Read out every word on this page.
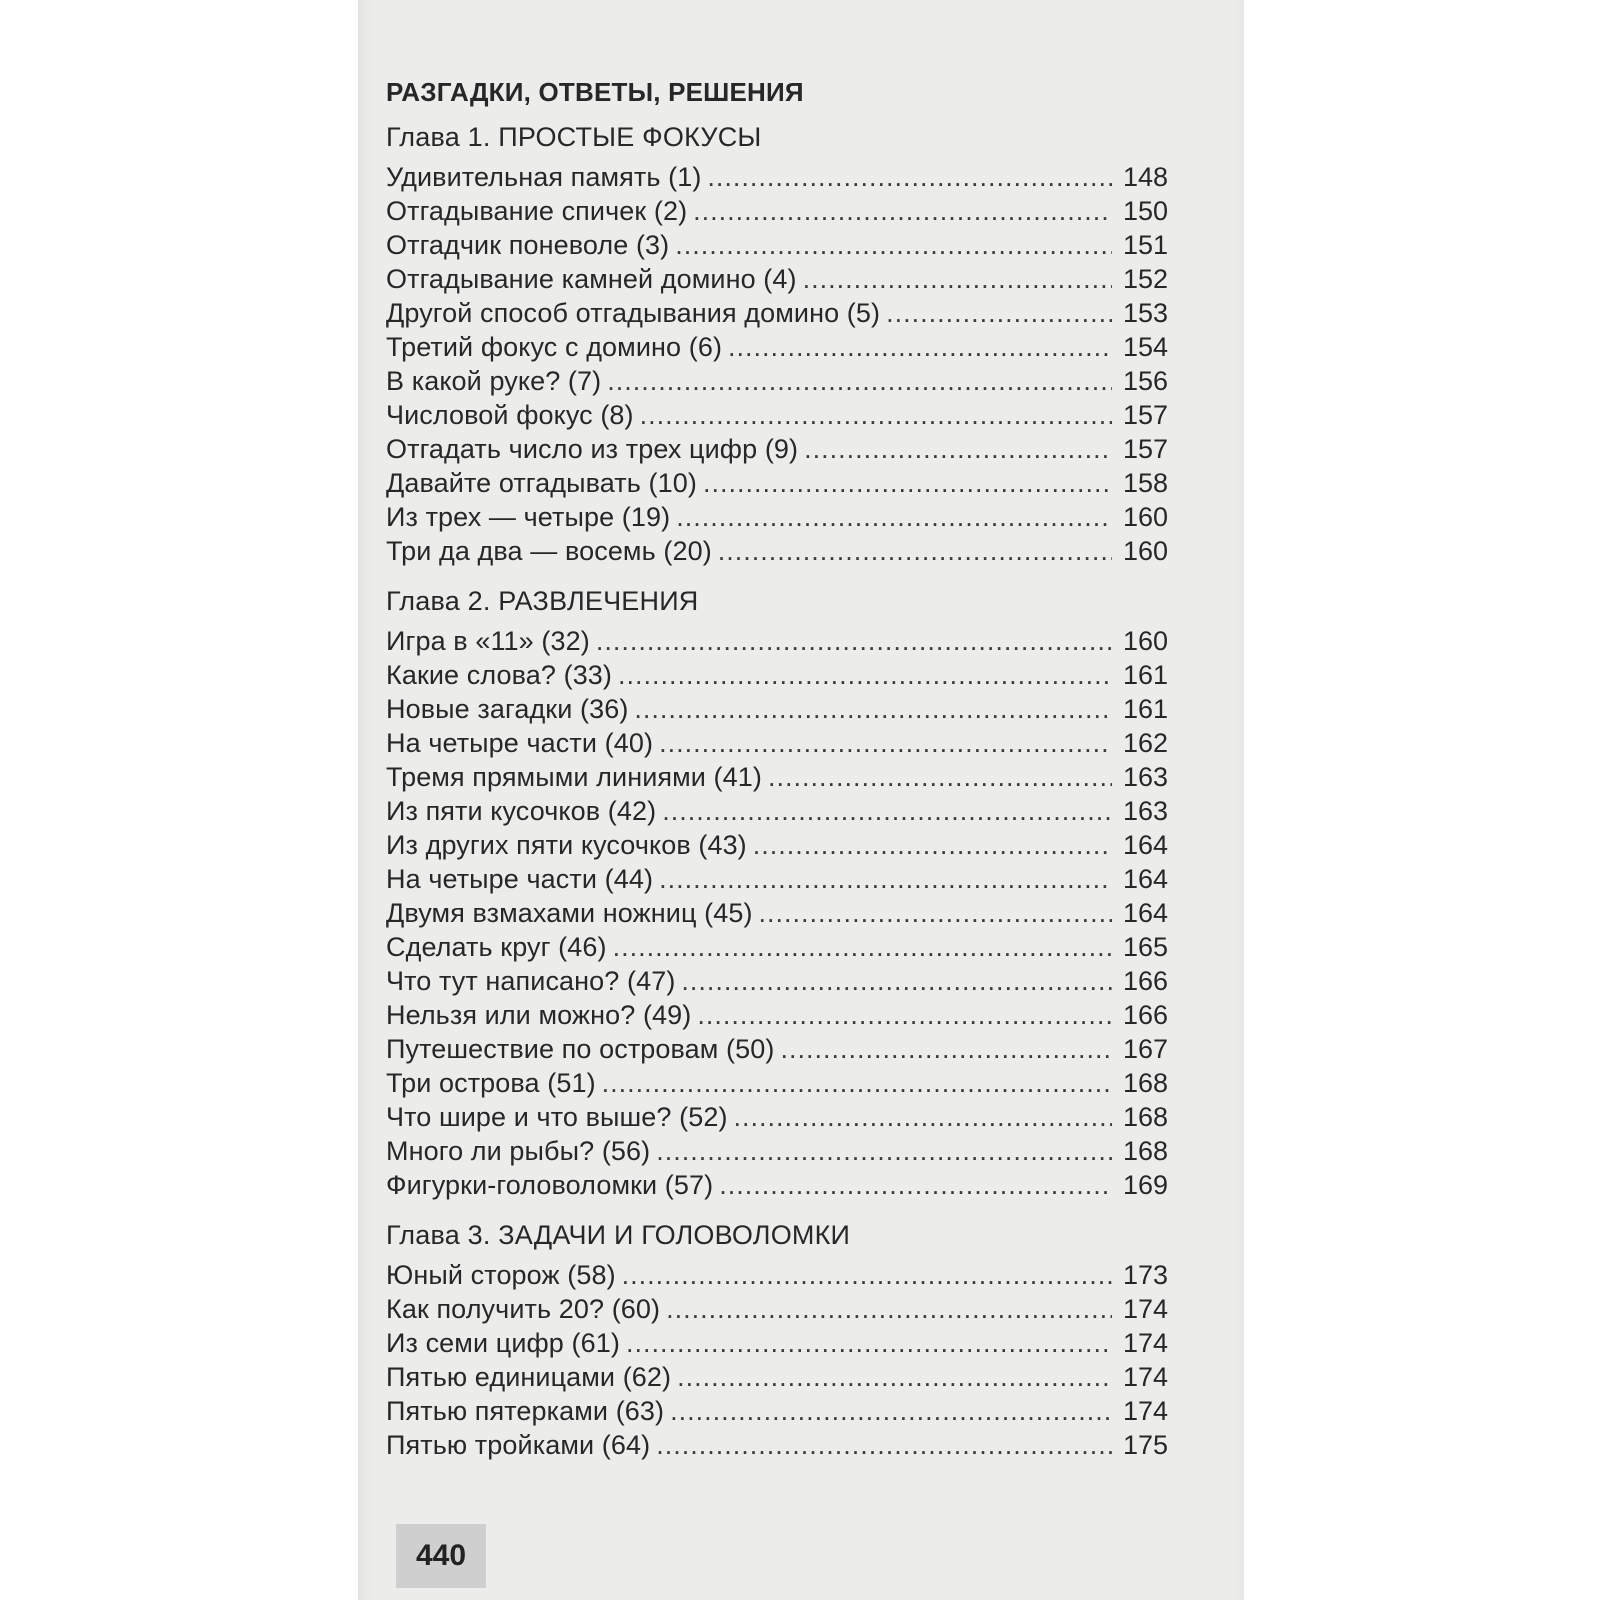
РАЗГАДКИ, ОТВЕТЫ, РЕШЕНИЯ
Глава 1. ПРОСТЫЕ ФОКУСЫ
Удивительная память (1) .....	148
Отгадывание спичек (2) .....	150
Отгадчик поневоле (3) .....	151
Отгадывание камней домино (4) .....	152
Другой способ отгадывания домино (5) .....	153
Третий фокус с домино (6) .....	154
В какой руке? (7) .....	156
Числовой фокус (8) .....	157
Отгадать число из трех цифр (9) .....	157
Давайте отгадывать (10) .....	158
Из трех — четыре (19) .....	160
Три да два — восемь (20) .....	160
Глава 2. РАЗВЛЕЧЕНИЯ
Игра в «11» (32) .....	160
Какие слова? (33) .....	161
Новые загадки (36) .....	161
На четыре части (40) .....	162
Тремя прямыми линиями (41) .....	163
Из пяти кусочков (42) .....	163
Из других пяти кусочков (43) .....	164
На четыре части (44) .....	164
Двумя взмахами ножниц (45) .....	164
Сделать круг (46) .....	165
Что тут написано? (47) .....	166
Нельзя или можно? (49) .....	166
Путешествие по островам (50) .....	167
Три острова (51) .....	168
Что шире и что выше? (52) .....	168
Много ли рыбы? (56) .....	168
Фигурки-головоломки (57) .....	169
Глава 3. ЗАДАЧИ И ГОЛОВОЛОМКИ
Юный сторож (58) .....	173
Как получить 20? (60) .....	174
Из семи цифр (61) .....	174
Пятью единицами (62) .....	174
Пятью пятерками (63) .....	174
Пятью тройками (64) .....	175
440
